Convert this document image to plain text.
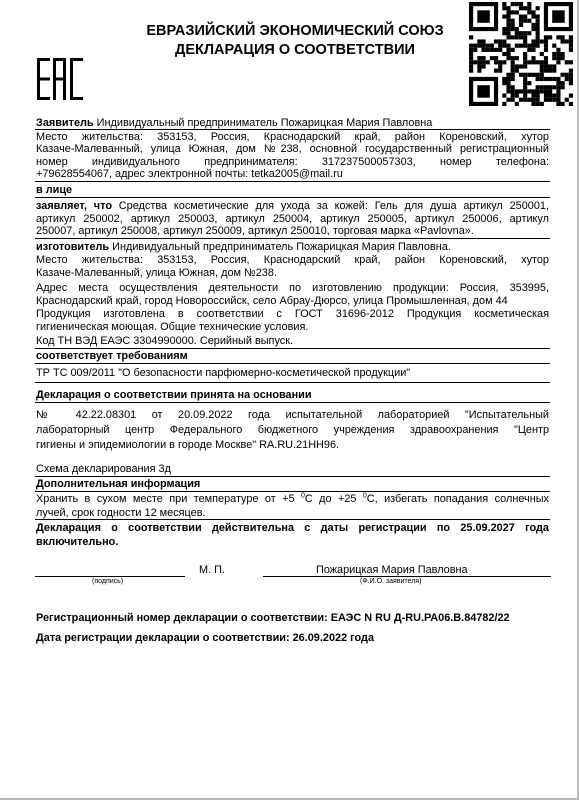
ЕВРАЗИЙСКИЙ ЭКОНОМИЧЕСКИЙ СОЮЗ
ДЕКЛАРАЦИЯ О СООТВЕТСТВИИ
Заявитель Индивидуальный предприниматель Пожарицкая Мария Павловна
Место жительства: 353153, Россия, Краснодарский край, район Кореновский, хутор
Казаче-Малеванный, улица Южная, дом №238, основной государственный регистрационный
номер индивидуального предпринимателя: 317237500057303, номер телефона:
+79628554067, адрес электронной почты: tetka2005@mail.ru
в лице
заявляет, что Средства косметические для ухода за кожей: Гель для душа артикул 250001,
артикул 250002, артикул 250003, артикул 250004, артикул 250005, артикул 250006, артикул
250007, артикул 250008, артикул 250009, артикул 250010, торговая марка «Pavlovna».
изготовитель Индивидуальный предприниматель Пожарицкая Мария Павловна.
Место жительства: 353153, Россия, Краснодарский край, район Кореновский, хутор
Казаче-Малеванный, улица Южная, дом №238.
Адрес места осуществления деятельности по изготовлению продукции: Россия, 353995,
Краснодарский край, город Новороссийск, село Абрау-Дюрсо, улица Промышленная, дом 44
Продукция изготовлена в соответствии с ГОСТ 31696-2012 Продукция косметическая
гигиеническая моющая. Общие технические условия.
Код ТН ВЭД ЕАЭС 3304990000. Серийный выпуск.
соответствует требованиям
ТР ТС 009/2011 "О безопасности парфюмерно-косметической продукции"
Декларация о соответствии принята на основании
№ 42.22.08301 от 20.09.2022 года испытательной лабораторией "Испытательный
лабораторный центр Федерального бюджетного учреждения здравоохранения "Центр
гигиены и эпидемиологии в городе Москве" RA.RU.21НН96.
Схема декларирования 3д
Дополнительная информация
Хранить в сухом месте при температуре от +5 $^0$С до +25 $^0$С, избегать попадания солнечных
лучей, срок годности 12 месяцев.
Декларация о соответствии действительна с даты регистрации по 25.09.2027 года
включительно.
(подпись)
М. П.	Пожарицкая Мария Павловна
(Ф.И.О. заявителя)
Регистрационный номер декларации о соответствии: ЕАЭС N RU Д-RU.РА06.В.84782/22
Дата регистрации декларации о соответствии: 26.09.2022 года
